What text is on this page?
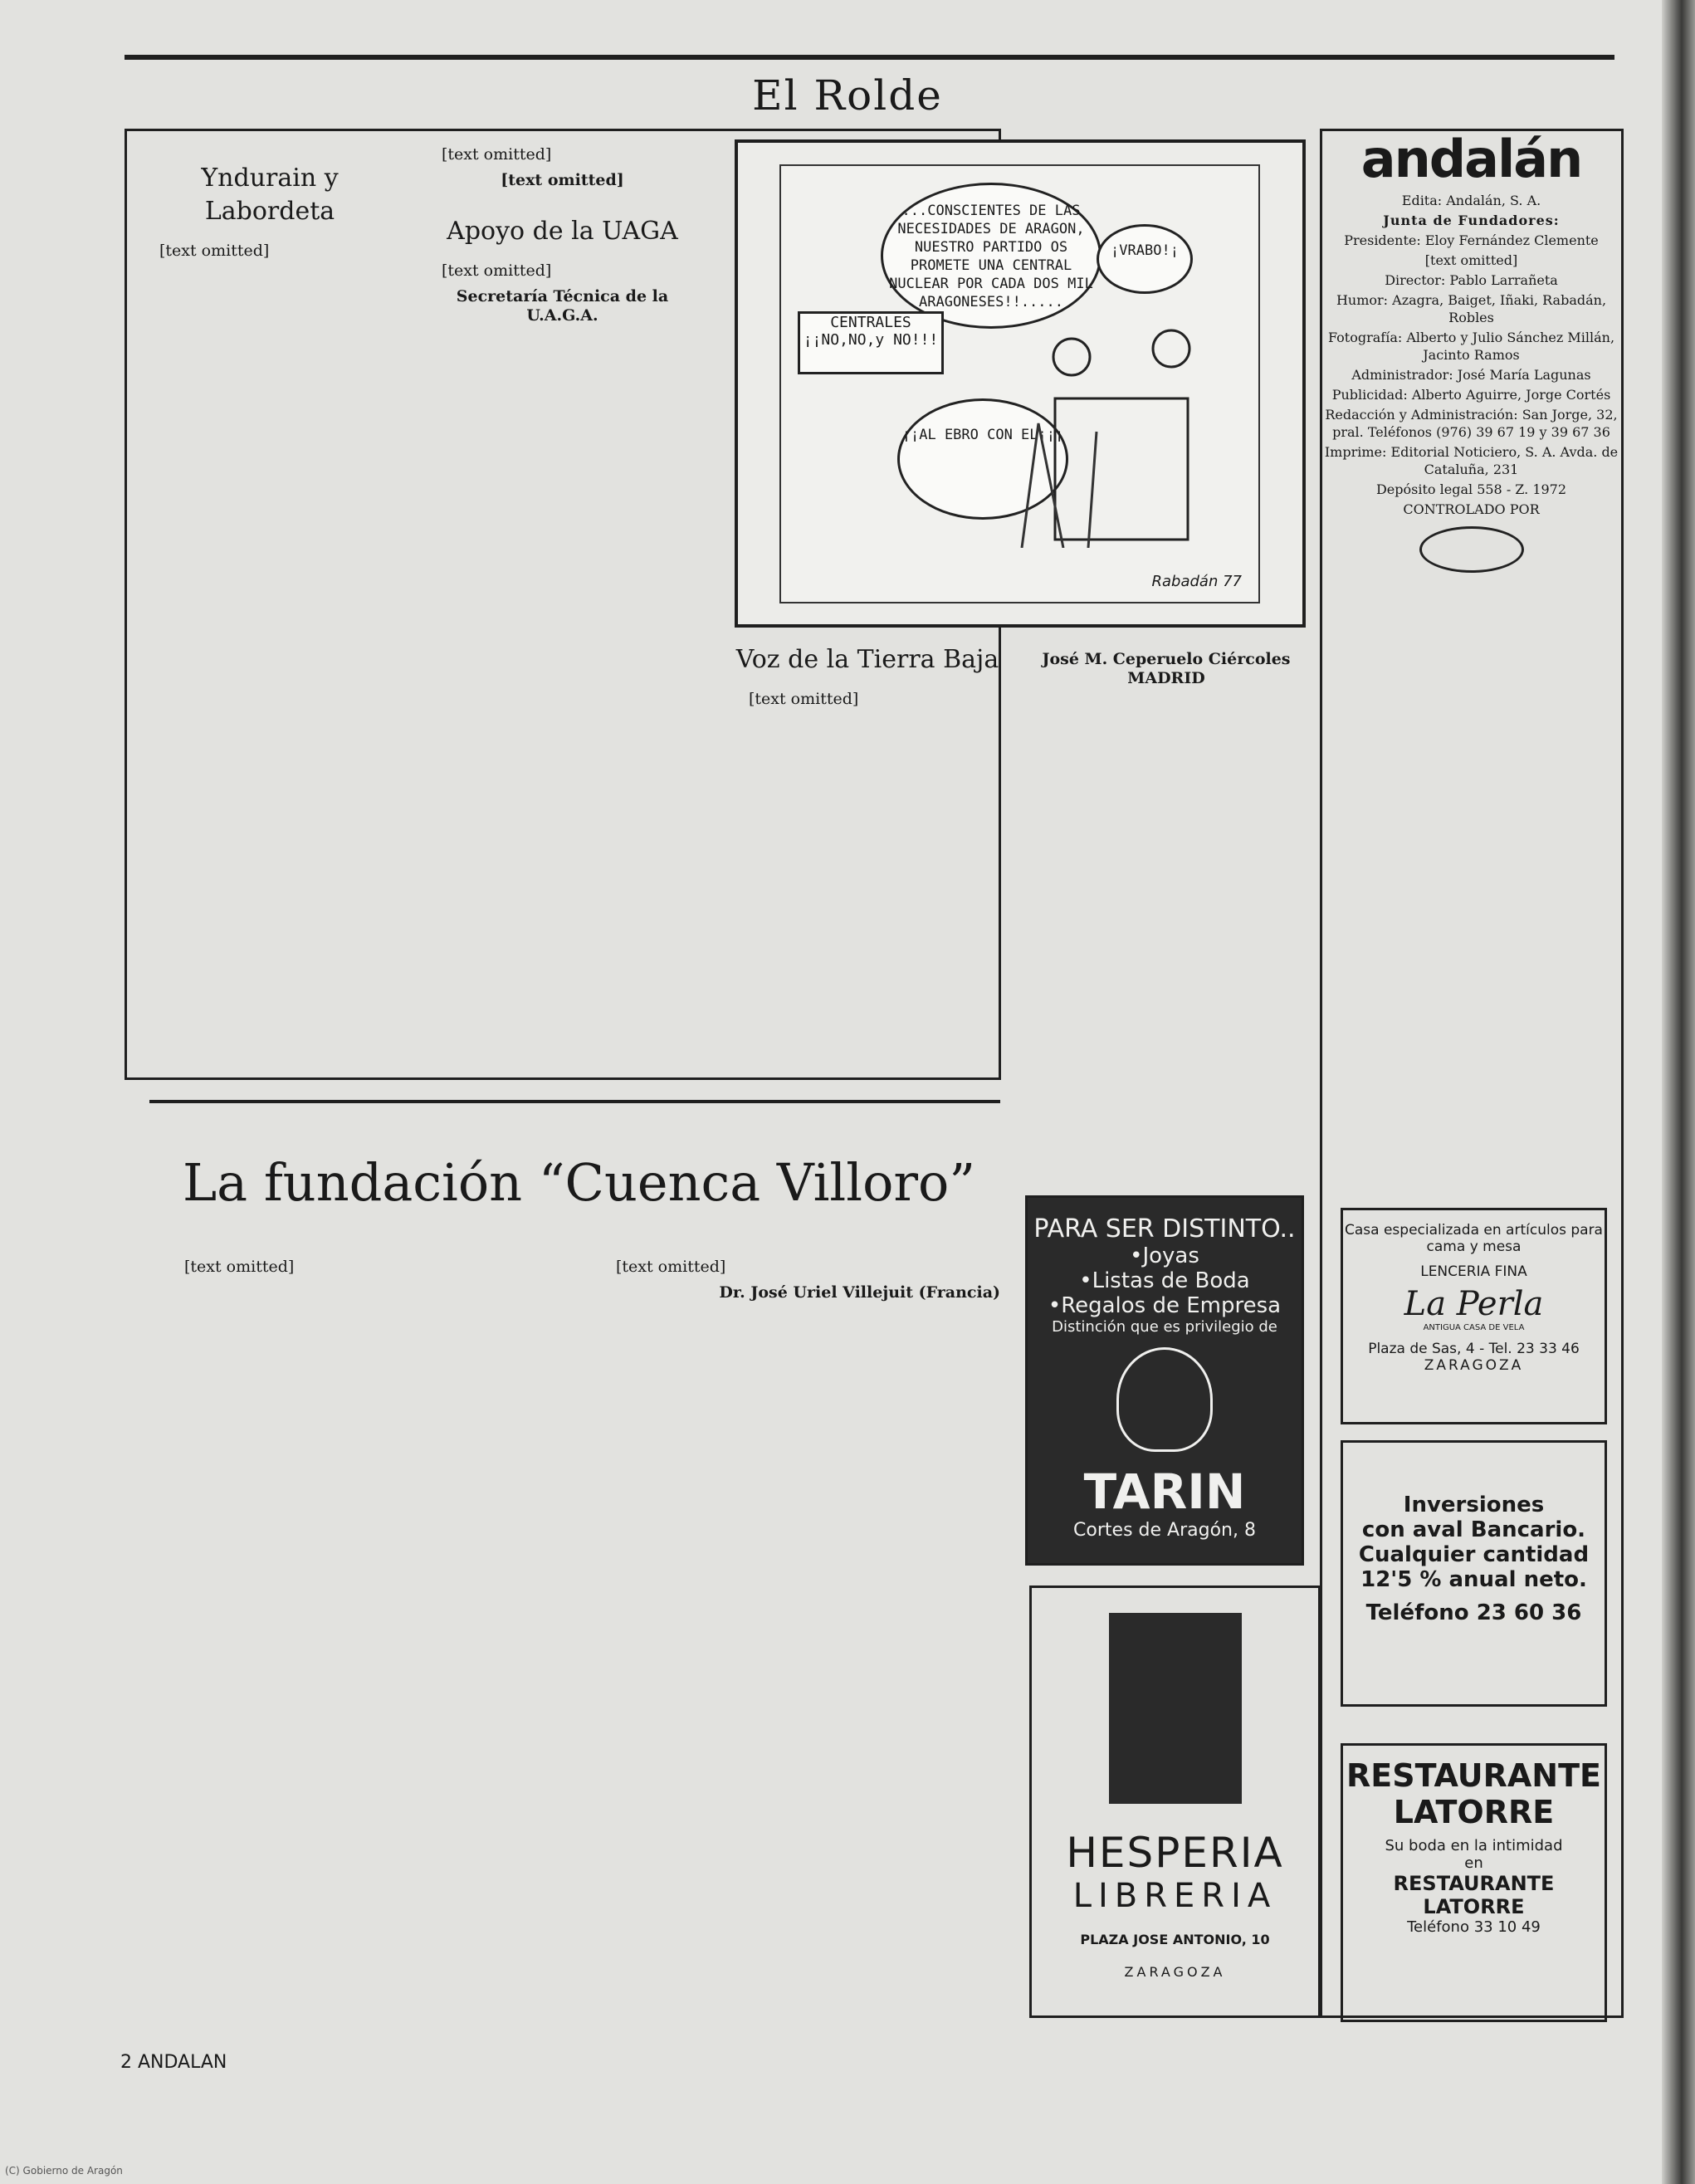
El Rolde
Yndurain y Labordeta

[text omitted]

[text omitted]

[text omitted]
Apoyo de la UAGA

[text omitted]

Secretaría Técnica de la U.A.G.A.
...CONSCIENTES DE LAS NECESIDADES DE ARAGON, NUESTRO PARTIDO OS PROMETE UNA CENTRAL NUCLEAR POR CADA DOS MIL ARAGONESES!!.....
¡VRABO!¡
CENTRALES ¡¡NO,NO,y NO!!!
¡¡AL EBRO CON EL¡¡¡
Rabadán 77
Voz de la Tierra Baja

[text omitted]

José M. Ceperuelo Ciércoles MADRID
La fundación “Cuenca Villoro”

[text omitted]	[text omitted]

Dr. José Uriel Villejuit (Francia)
andalán
Edita: Andalán, S. A.
Junta de Fundadores:
Presidente: Eloy Fernández Clemente
[text omitted]
Director: Pablo Larrañeta
Humor: Azagra, Baiget, Iñaki, Rabadán, Robles
Fotografía: Alberto y Julio Sánchez Millán, Jacinto Ramos
Administrador: José María Lagunas
Publicidad: Alberto Aguirre, Jorge Cortés
Redacción y Administración: San Jorge, 32, pral. Teléfonos (976) 39 67 19 y 39 67 36
Imprime: Editorial Noticiero, S. A. Avda. de Cataluña, 231
Depósito legal 558 - Z. 1972
CONTROLADO POR
PARA SER DISTINTO..
•Joyas
•Listas de Boda
•Regalos de Empresa
Distinción que es privilegio de
TARIN
Cortes de Aragón, 8
HESPERIA
LIBRERIA
PLAZA JOSE ANTONIO, 10
ZARAGOZA
Casa especializada en artículos para cama y mesa
LENCERIA FINA
La Perla
ANTIGUA CASA DE VELA
Plaza de Sas, 4 - Tel. 23 33 46
ZARAGOZA
Inversiones
con aval Bancario.
Cualquier cantidad
12'5 % anual neto.
Teléfono 23 60 36
RESTAURANTE
LATORRE
Su boda en la intimidad
en
RESTAURANTE
LATORRE
Teléfono 33 10 49
2 ANDALAN
(C) Gobierno de Aragón
